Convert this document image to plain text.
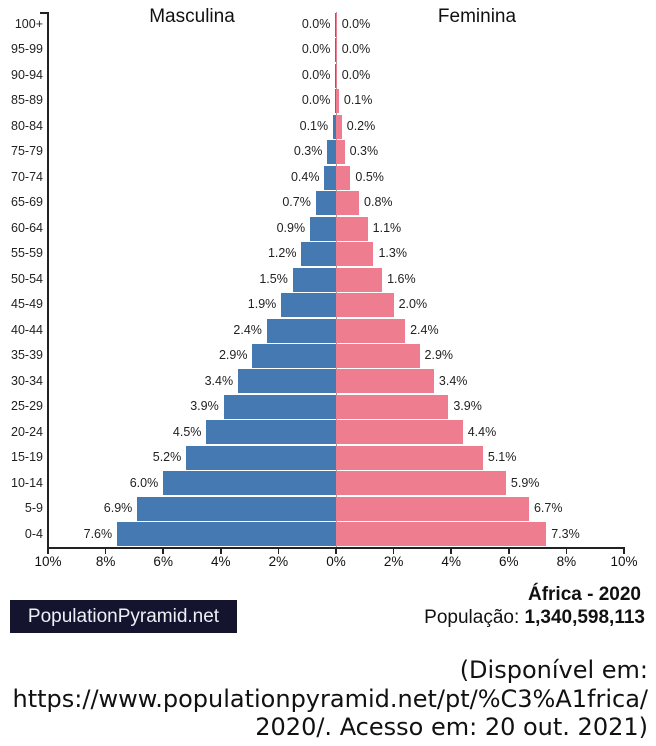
Masculina	Feminina
100+	0.0% 0.0%
95-99	0.0% 0.0%
90-94	0.0% 0.0%
85-89	0.0% 0.1%
80-84	0.1% 0.2%
75-79	0.3% 0.3%
70-74	0.4%	0.5%
65-69	0.7%	0.8%
60-64	0.9%	1.1%
55-59	1.2%	1.3%
50-54	1.5%	1.6%
45-49	1.9%	2.0%
40-44	2.4%	2.4%
35-39	2.9%	2.9%
30-34	3.4%	3.4%
25-29	3.9%	3.9%
20-24	4.5%	4.4%
15-19	5.2%	5.1%
10-14	6.0%	5.9%
5-9	6.9%	6.7%
0-4	7.6%	7.3%
10%	8%	6%	4%	2%	0%	2%	4%	6%	8%	10%
PopulationPyramid.net
África - 2020
População: 1,340,598,113
(Disponível em:
https://www.populationpyramid.net/pt/%C3%A1frica/
2020/. Acesso em: 20 out. 2021)
